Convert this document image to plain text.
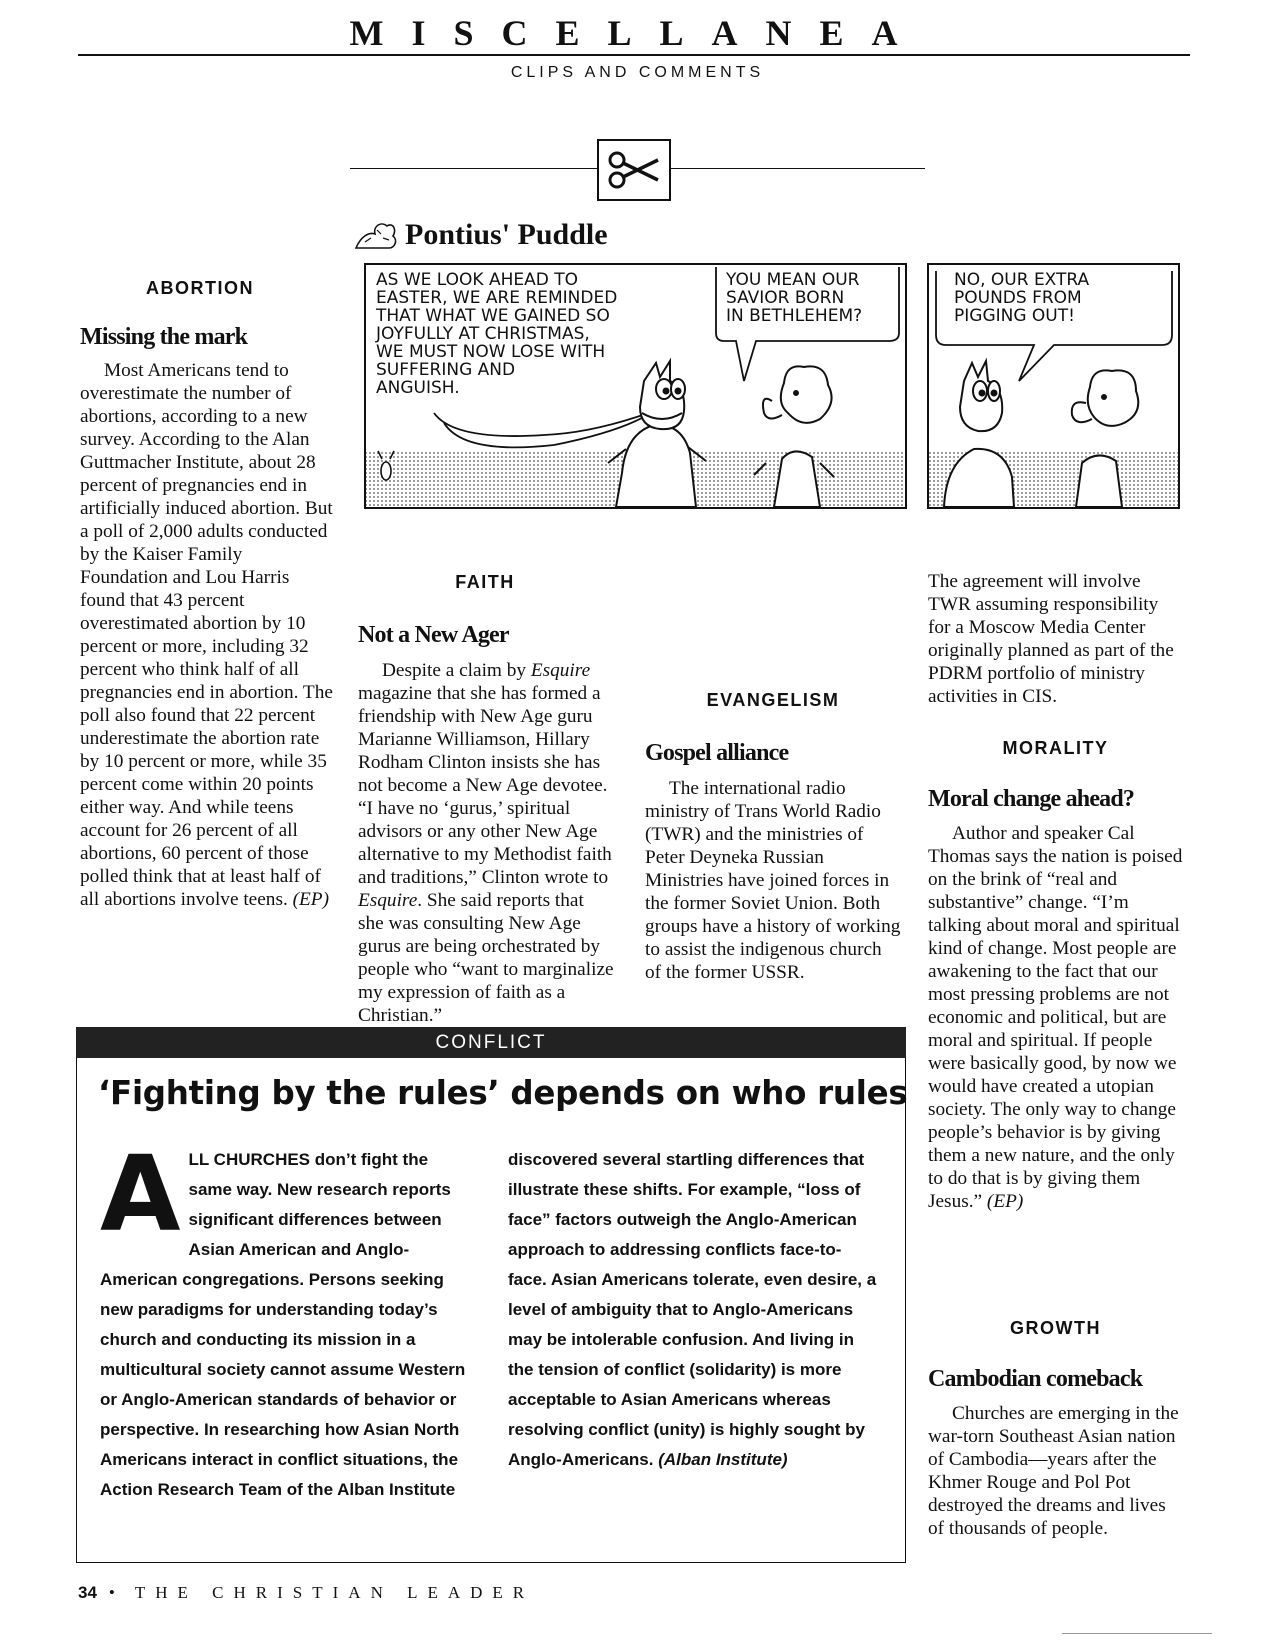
MISCELLANEA
CLIPS AND COMMENTS
Pontius' Puddle
AS WE LOOK AHEAD TO
EASTER, WE ARE REMINDED
THAT WHAT WE GAINED SO
JOYFULLY AT CHRISTMAS,
WE MUST NOW LOSE WITH
SUFFERING AND
ANGUISH.
YOU MEAN OUR
SAVIOR BORN
IN BETHLEHEM?
NO, OUR EXTRA
POUNDS FROM
PIGGING OUT!
ABORTION
Missing the mark

Most Americans tend to overestimate the number of abortions, according to a new survey. According to the Alan Guttmacher Institute, about 28 percent of pregnancies end in artificially induced abortion. But a poll of 2,000 adults conducted by the Kaiser Family Foundation and Lou Harris found that 43 percent overestimated abortion by 10 percent or more, including 32 percent who think half of all pregnancies end in abortion. The poll also found that 22 percent underestimate the abortion rate by 10 percent or more, while 35 percent come within 20 points either way. And while teens account for 26 percent of all abortions, 60 percent of those polled think that at least half of all abortions involve teens. (EP)

FAITH
Not a New Ager

Despite a claim by Esquire magazine that she has formed a friendship with New Age guru Marianne Williamson, Hillary Rodham Clinton insists she has not become a New Age devotee. “I have no ‘gurus,’ spiritual advisors or any other New Age alternative to my Methodist faith and traditions,” Clinton wrote to Esquire. She said reports that she was consulting New Age gurus are being orchestrated by people who “want to marginalize my expression of faith as a Christian.”

EVANGELISM
Gospel alliance

The international radio ministry of Trans World Radio (TWR) and the ministries of Peter Deyneka Russian Ministries have joined forces in the former Soviet Union. Both groups have a history of working to assist the indigenous church of the former USSR.

The agreement will involve TWR assuming responsibility for a Moscow Media Center originally planned as part of the PDRM portfolio of ministry activities in CIS.

MORALITY
Moral change ahead?

Author and speaker Cal Thomas says the nation is poised on the brink of “real and substantive” change. “I’m talking about moral and spiritual kind of change. Most people are awakening to the fact that our most pressing problems are not economic and political, but are moral and spiritual. If people were basically good, by now we would have created a utopian society. The only way to change people’s behavior is by giving them a new nature, and the only to do that is by giving them Jesus.” (EP)

GROWTH
Cambodian comeback

Churches are emerging in the war-torn Southeast Asian nation of Cambodia—years after the Khmer Rouge and Pol Pot destroyed the dreams and lives of thousands of people.

CONFLICT
‘Fighting by the rules’ depends on who rules
ALL CHURCHES don’t fight the same way. New research reports significant differences between Asian American and Anglo-American congregations. Persons seeking new paradigms for understanding today’s church and conducting its mission in a multicultural society cannot assume Western or Anglo-American standards of behavior or perspective. In researching how Asian North Americans interact in conflict situations, the Action Research Team of the Alban Institute
discovered several startling differences that illustrate these shifts. For example, “loss of face” factors outweigh the Anglo-American approach to addressing conflicts face-to-face. Asian Americans tolerate, even desire, a level of ambiguity that to Anglo-Americans may be intolerable confusion. And living in the tension of conflict (solidarity) is more acceptable to Asian Americans whereas resolving conflict (unity) is highly sought by Anglo-Americans. (Alban Institute)
34 • THE CHRISTIAN LEADER
